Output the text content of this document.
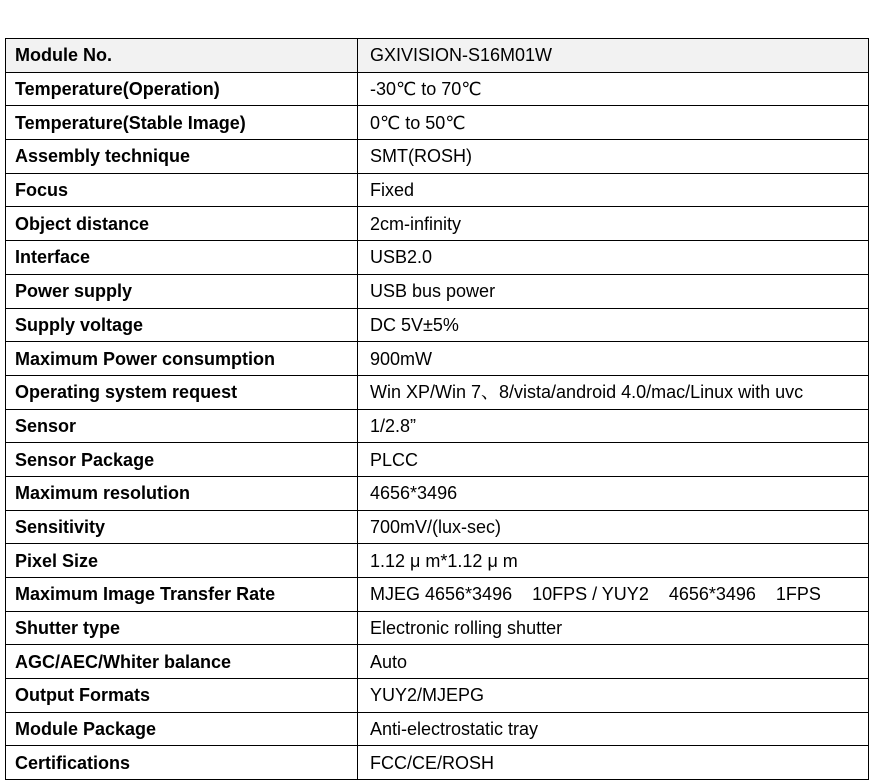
Module No.	GXIVISION-S16M01W
Temperature(Operation)	-30℃ to 70℃
Temperature(Stable Image)	0℃ to 50℃
Assembly technique	SMT(ROSH)
Focus	Fixed
Object distance	2cm-infinity
Interface	USB2.0
Power supply	USB bus power
Supply voltage	DC 5V±5%
Maximum Power consumption	900mW
Operating system request	Win XP/Win 7、8/vista/android 4.0/mac/Linux with uvc
Sensor	1/2.8”
Sensor Package	PLCC
Maximum resolution	4656*3496
Sensitivity	700mV/(lux-sec)
Pixel Size	1.12 μ m*1.12 μ m
Maximum Image Transfer Rate	MJEG 4656*3496    10FPS / YUY2    4656*3496    1FPS
Shutter type	Electronic rolling shutter
AGC/AEC/Whiter balance	Auto
Output Formats	YUY2/MJEPG
Module Package	Anti-electrostatic tray
Certifications	FCC/CE/ROSH
